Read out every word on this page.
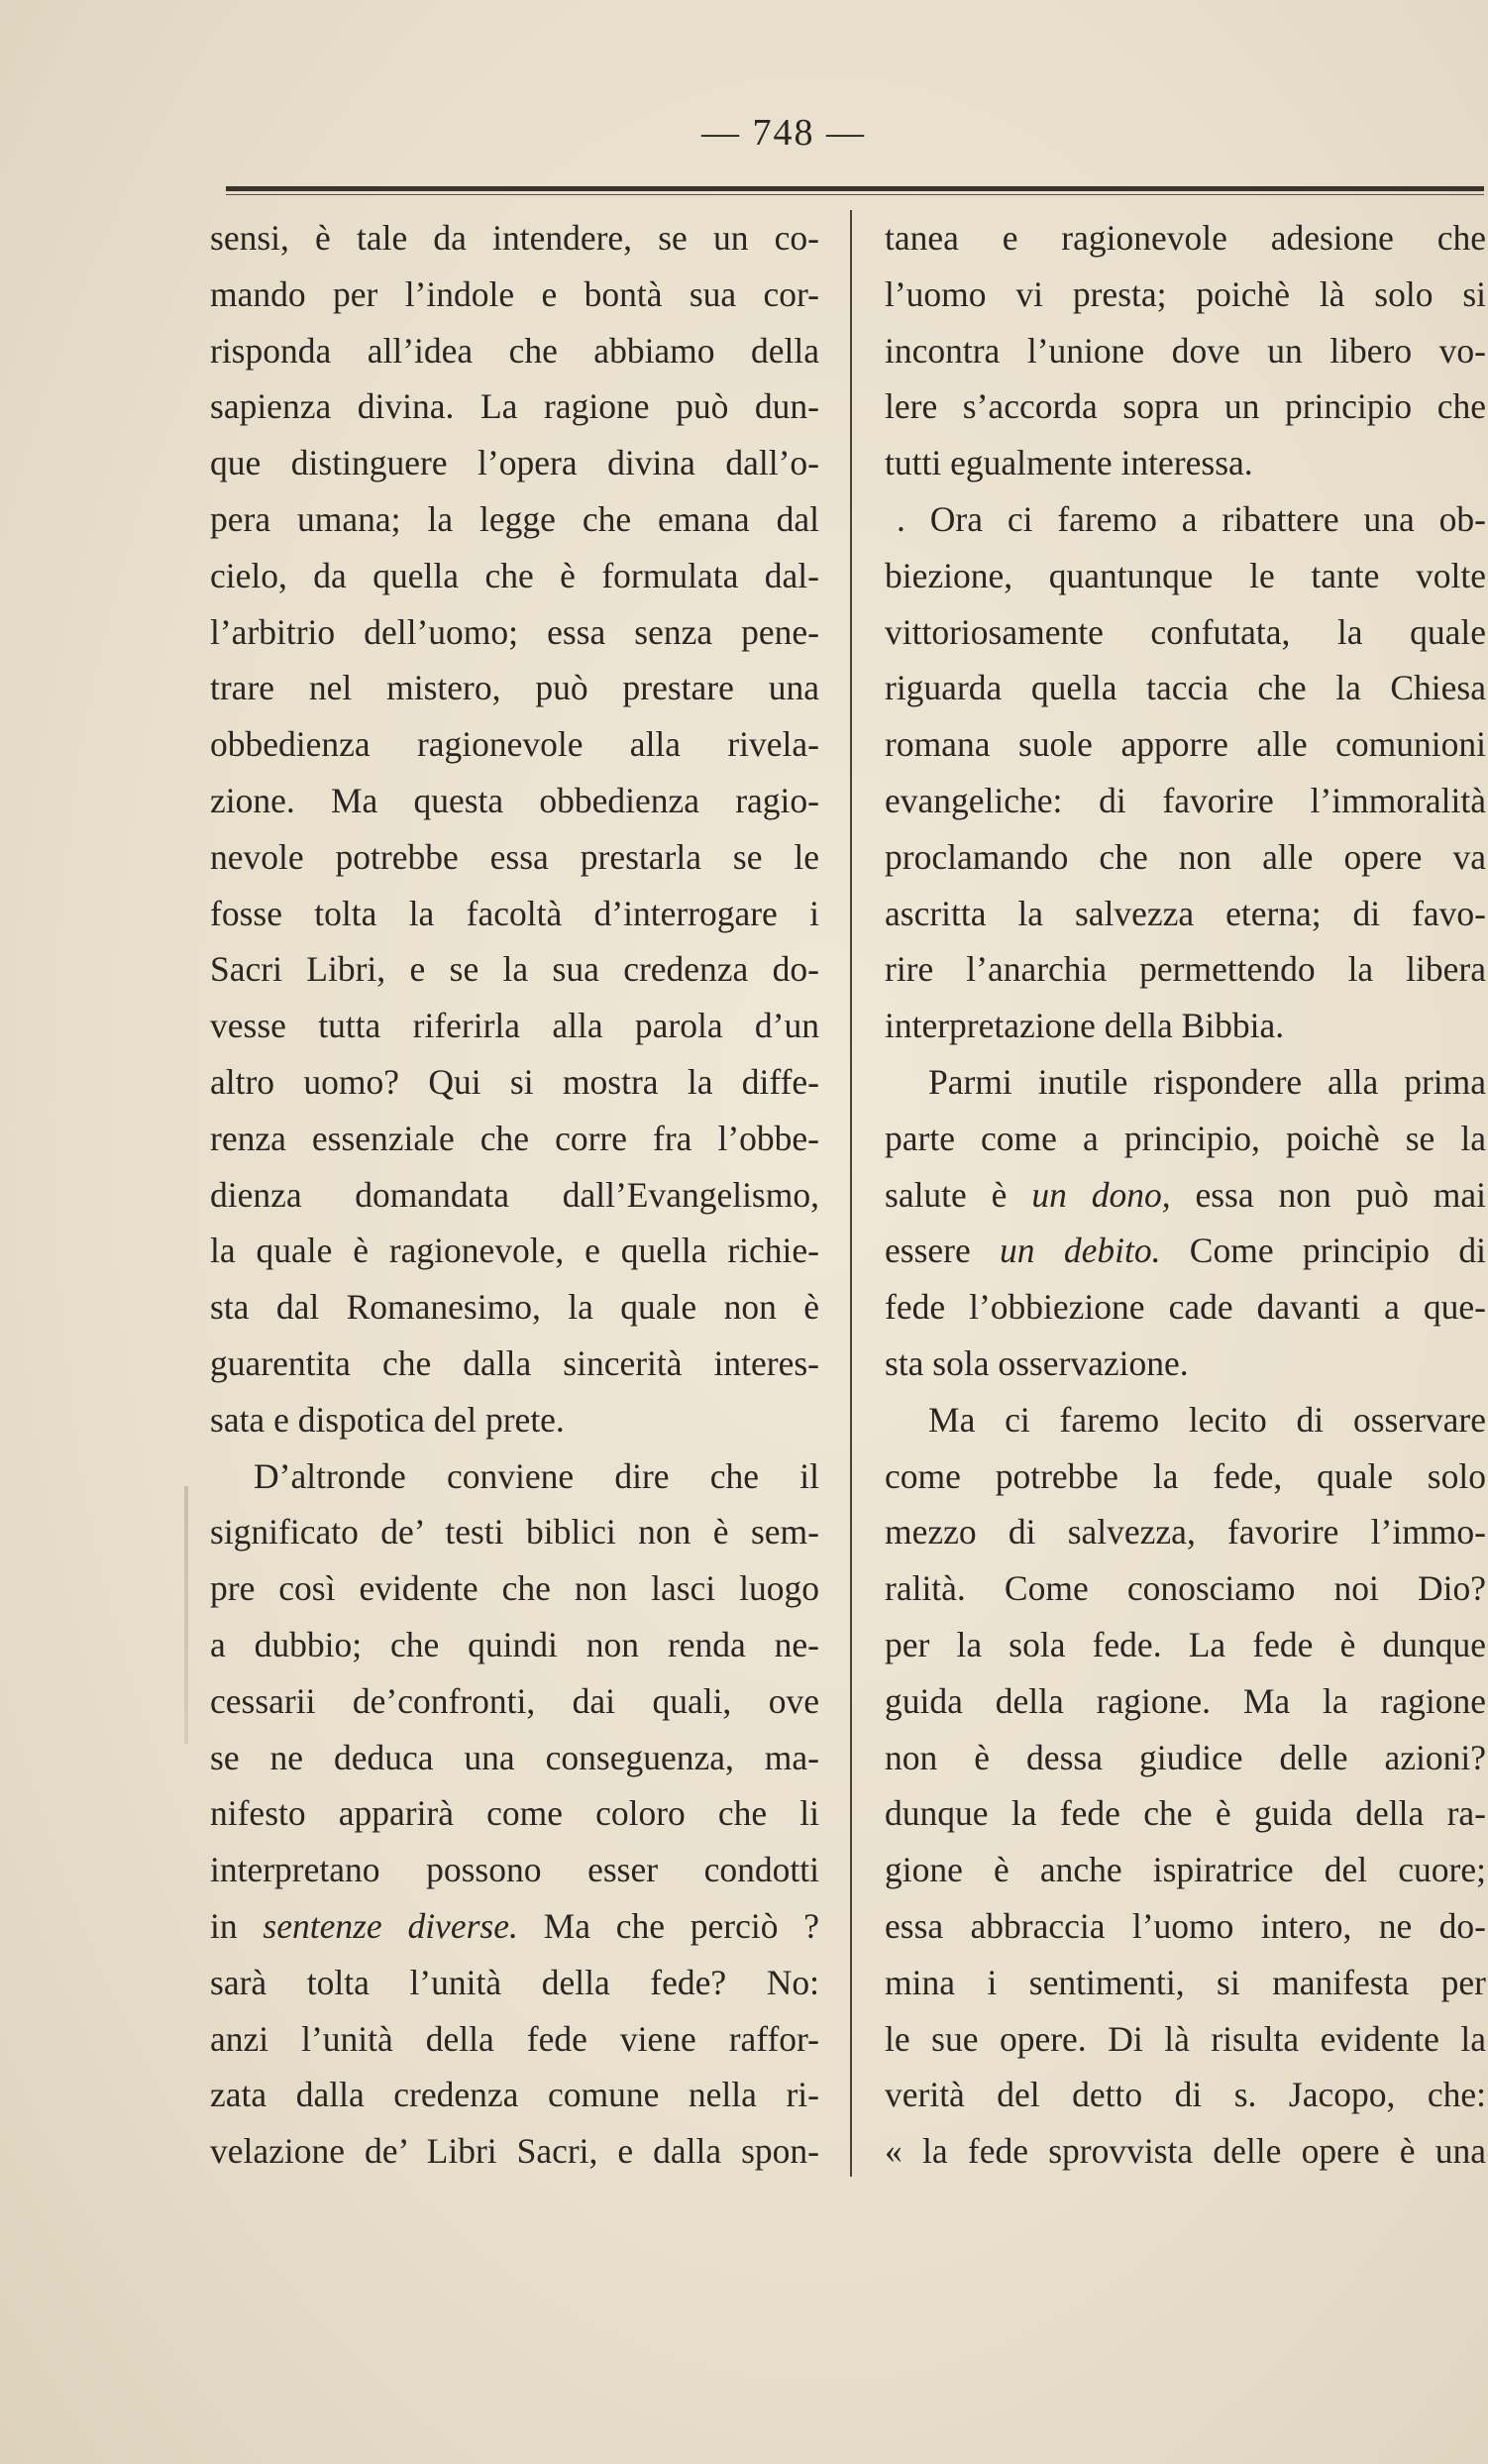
— 748 —
sensi, è tale da intendere, se un co-
mando per l’indole e bontà sua cor-
risponda all’idea che abbiamo della
sapienza divina. La ragione può dun-
que distinguere l’opera divina dall’o-
pera umana; la legge che emana dal
cielo, da quella che è formulata dal-
l’arbitrio dell’uomo; essa senza pene-
trare nel mistero, può prestare una
obbedienza ragionevole alla rivela-
zione. Ma questa obbedienza ragio-
nevole potrebbe essa prestarla se le
fosse tolta la facoltà d’interrogare i
Sacri Libri, e se la sua credenza do-
vesse tutta riferirla alla parola d’un
altro uomo? Qui si mostra la diffe-
renza essenziale che corre fra l’obbe-
dienza domandata dall’Evangelismo,
la quale è ragionevole, e quella richie-
sta dal Romanesimo, la quale non è
guarentita che dalla sincerità interes-
sata e dispotica del prete.
D’altronde conviene dire che il
significato de’ testi biblici non è sem-
pre così evidente che non lasci luogo
a dubbio; che quindi non renda ne-
cessarii de’confronti, dai quali, ove
se ne deduca una conseguenza, ma-
nifesto apparirà come coloro che li
interpretano possono esser condotti
in sentenze diverse. Ma che perciò ?
sarà tolta l’unità della fede? No:
anzi l’unità della fede viene raffor-
zata dalla credenza comune nella ri-
velazione de’ Libri Sacri, e dalla spon-
tanea e ragionevole adesione che
l’uomo vi presta; poichè là solo si
incontra l’unione dove un libero vo-
lere s’accorda sopra un principio che
tutti egualmente interessa.
. Ora ci faremo a ribattere una ob-
biezione, quantunque le tante volte
vittoriosamente confutata, la quale
riguarda quella taccia che la Chiesa
romana suole apporre alle comunioni
evangeliche: di favorire l’immoralità
proclamando che non alle opere va
ascritta la salvezza eterna; di favo-
rire l’anarchia permettendo la libera
interpretazione della Bibbia.
Parmi inutile rispondere alla prima
parte come a principio, poichè se la
salute è un dono, essa non può mai
essere un debito. Come principio di
fede l’obbiezione cade davanti a que-
sta sola osservazione.
Ma ci faremo lecito di osservare
come potrebbe la fede, quale solo
mezzo di salvezza, favorire l’immo-
ralità. Come conosciamo noi Dio?
per la sola fede. La fede è dunque
guida della ragione. Ma la ragione
non è dessa giudice delle azioni?
dunque la fede che è guida della ra-
gione è anche ispiratrice del cuore;
essa abbraccia l’uomo intero, ne do-
mina i sentimenti, si manifesta per
le sue opere. Di là risulta evidente la
verità del detto di s. Jacopo, che:
« la fede sprovvista delle opere è una
